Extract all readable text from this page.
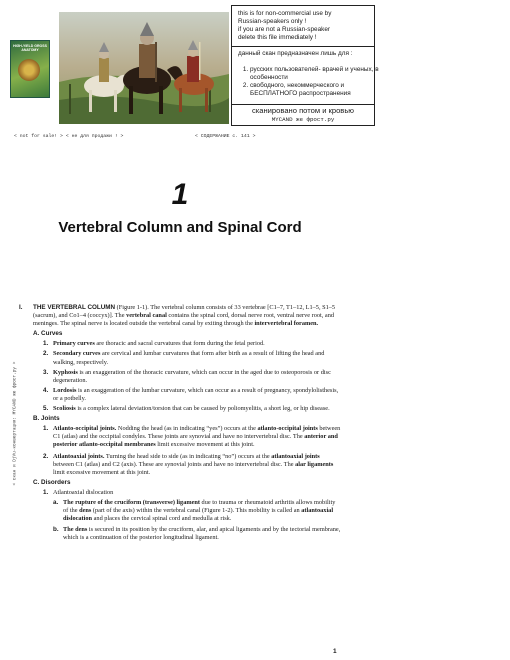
HIGH-YIELD GROSS ANATOMY
this is for non-commercial use by
Russian-speakers only !
if you are not a Russian-speaker
delete this file immediately !
данный скан предназначен лишь для :
1. русских пользователей- врачей и ученых, в особенности
2. свободного, некоммерческого и БЕСПЛАТНОГО распространения
сканировано потом и кровью
MYCAND же фрост.ру
< not for sale! > < не для продажи ! >	< СОДЕРЖАНИЕ с. 141 >
< скан и DjVu-конвертация: MYCAND же фрост.ру >
1
Vertebral Column and Spinal Cord
I. THE VERTEBRAL COLUMN (Figure 1-1). The vertebral column consists of 33 vertebrae [C1–7, T1–12, L1–5, S1–5 (sacrum), and Co1–4 (coccyx)]. The vertebral canal contains the spinal cord, dorsal nerve root, ventral nerve root, and meninges. The spinal nerve is located outside the vertebral canal by exiting through the intervertebral foramen.
A. Curves
1. Primary curves are thoracic and sacral curvatures that form during the fetal period.
2. Secondary curves are cervical and lumbar curvatures that form after birth as a result of lifting the head and walking, respectively.
3. Kyphosis is an exaggeration of the thoracic curvature, which can occur in the aged due to osteoporosis or disc degeneration.
4. Lordosis is an exaggeration of the lumbar curvature, which can occur as a result of pregnancy, spondylolisthesis, or a potbelly.
5. Scoliosis is a complex lateral deviation/torsion that can be caused by poliomyelitis, a short leg, or hip disease.
B. Joints
1. Atlanto-occipital joints. Nodding the head (as in indicating “yes”) occurs at the atlanto-occipital joints between C1 (atlas) and the occipital condyles. These joints are synovial and have no intervertebral disc. The anterior and posterior atlanto-occipital membranes limit excessive movement at this joint.
2. Atlantoaxial joints. Turning the head side to side (as in indicating “no”) occurs at the atlantoaxial joints between C1 (atlas) and C2 (axis). These are synovial joints and have no intervertebral disc. The alar ligaments limit excessive movement at this joint.
C. Disorders
1. Atlantoaxial dislocation
a. The rupture of the cruciform (transverse) ligament due to trauma or rheumatoid arthritis allows mobility of the dens (part of the axis) within the vertebral canal (Figure 1-2). This mobility is called an atlantoaxial dislocation and places the cervical spinal cord and medulla at risk.
b. The dens is secured in its position by the cruciform, alar, and apical ligaments and by the tectorial membrane, which is a continuation of the posterior longitudinal ligament.
1
